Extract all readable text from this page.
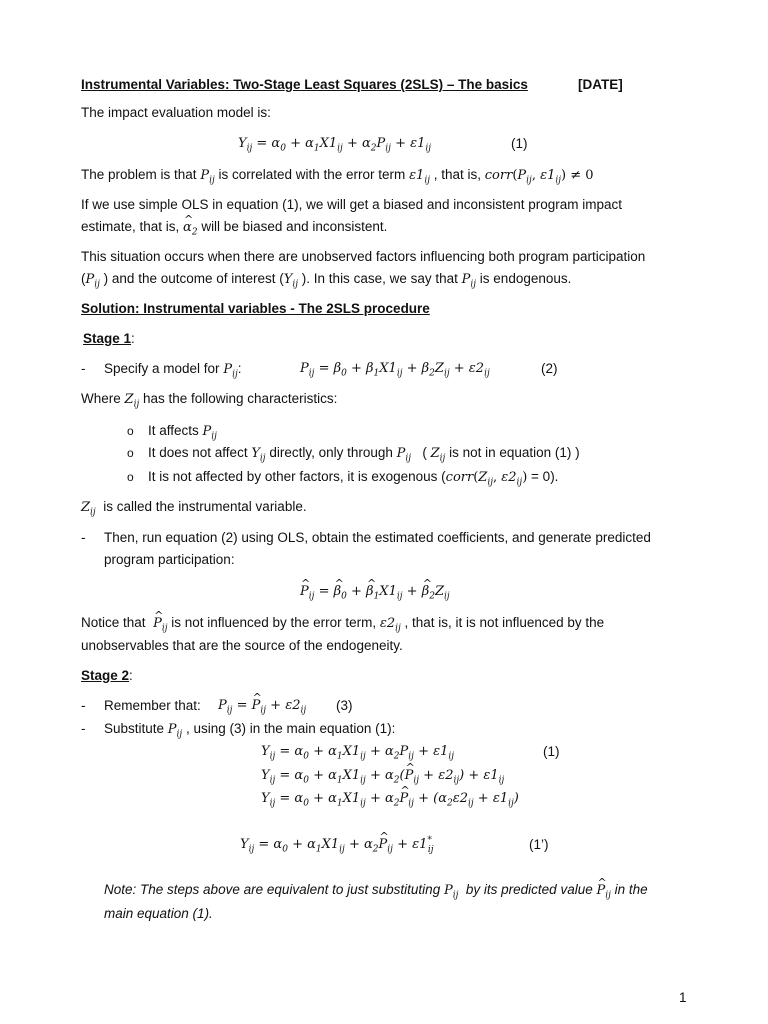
Instrumental Variables: Two-Stage Least Squares (2SLS) – The basics	[DATE]
The impact evaluation model is:
$Y_{ij} = \alpha_0 + \alpha_1X1_{ij} + \alpha_2P_{ij} + \varepsilon 1_{ij}$	(1)
The problem is that $P_{ij}$ is correlated with the error term $\varepsilon 1_{ij}$ , that is, $corr(P_{ij}$, $\varepsilon 1_{ij}) \ne 0$
If we use simple OLS in equation (1), we will get a biased and inconsistent program impact
estimate, that is, ^ $\alpha_2$ will be biased and inconsistent.
This situation occurs when there are unobserved factors influencing both program participation
($P_{ij}$ ) and the outcome of interest ($Y_{ij}$ ). In this case, we say that $P_{ij}$ is endogenous.
Solution: Instrumental variables - The 2SLS procedure
Stage 1:
- Specify a model for $P_{ij}$:	$P_{ij} = \beta_0 + \beta_1X1_{ij} + \beta_2Z_{ij} + \varepsilon 2_{ij}$	(2)
Where $Z_{ij}$ has the following characteristics:
o It affects $P_{ij}$
o It does not affect $Y_{ij}$ directly, only through $P_{ij}$   ( $Z_{ij}$ is not in equation (1) )
o It is not affected by other factors, it is exogenous ($corr(Z_{ij}$, $\varepsilon 2_{ij}) = 0$).
$Z_{ij}$  is called the instrumental variable.
- Then, run equation (2) using OLS, obtain the estimated coefficients, and generate predicted
program participation:
^ $P_{ij}$ = ^ $\beta_0$ + ^ $\beta_1X1_{ij}$ + ^ $\beta_2Z_{ij}$
Notice that  ^ $P_{ij}$ is not influenced by the error term, $\varepsilon 2_{ij}$ , that is, it is not influenced by the
unobservables that are the source of the endogeneity.
Stage 2:
- Remember that: $P_{ij}$ = ^ $P_{ij} + \varepsilon 2_{ij}$ (3)
- Substitute $P_{ij}$ , using (3) in the main equation (1):
$Y_{ij} = \alpha_0 + \alpha_1X1_{ij} + \alpha_2P_{ij} + \varepsilon 1_{ij}$	(1)
$Y_{ij} = \alpha_0 + \alpha_1X1_{ij}$ + $\alpha_2(\^{}$ $P_{ij} + \varepsilon 2_{ij}) + \varepsilon 1_{ij}$
$Y_{ij} = \alpha_0 + \alpha_1X1_{ij}$ + $\alpha_2\^{}$ $P_{ij} + (\alpha_2\varepsilon 2_{ij} + \varepsilon 1_{ij})$
$Y_{ij} = \alpha_0 + \alpha_1X1_{ij}$ + $\alpha_2\^{}$ $P_{ij} + \varepsilon 1^*_{ij}$	(1’)
Note: The steps above are equivalent to just substituting $P_{ij}$  by its predicted value ^ $P_{ij}$ in the
main equation (1).
1
